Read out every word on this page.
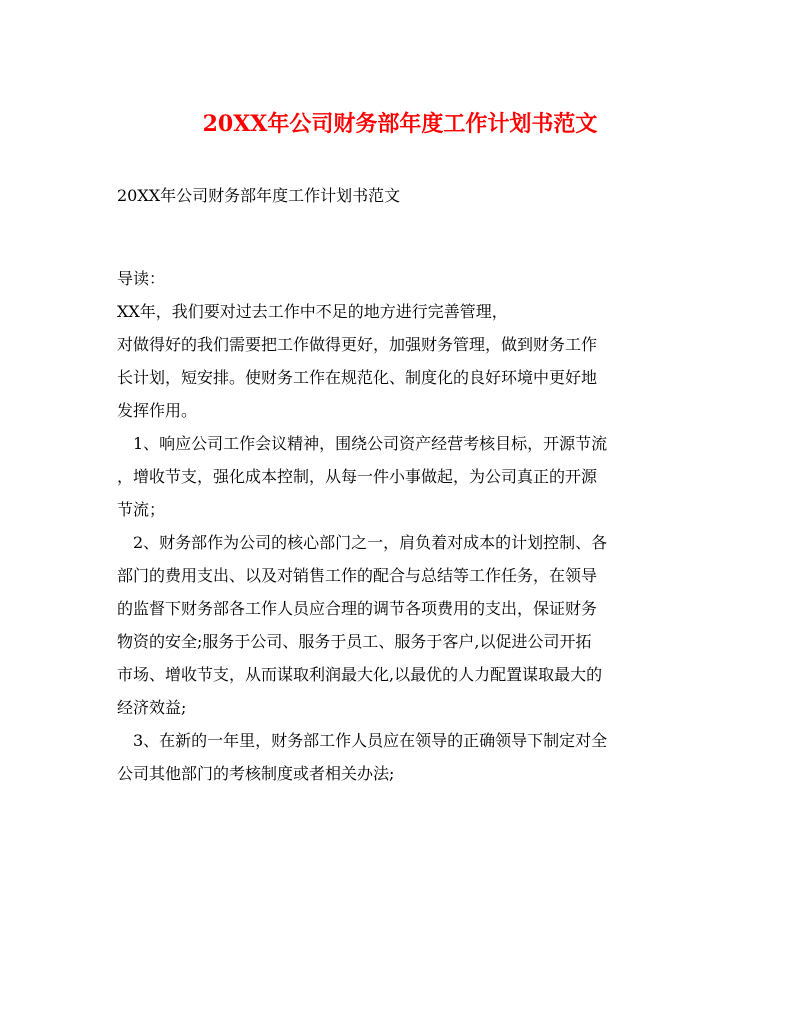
20XX年公司财务部年度工作计划书范文
20XX年公司财务部年度工作计划书范文

导读：

XX年，我们要对过去工作中不足的地方进行完善管理，

对做得好的我们需要把工作做得更好，加强财务管理，做到财务工作
长计划，短安排。使财务工作在规范化、制度化的良好环境中更好地
发挥作用。

1、响应公司工作会议精神，围绕公司资产经营考核目标，开源节流
，增收节支，强化成本控制，从每一件小事做起，为公司真正的开源
节流；

2、财务部作为公司的核心部门之一，肩负着对成本的计划控制、各
部门的费用支出、以及对销售工作的配合与总结等工作任务，在领导
的监督下财务部各工作人员应合理的调节各项费用的支出，保证财务
物资的安全;服务于公司、服务于员工、服务于客户,以促进公司开拓
市场、增收节支，从而谋取利润最大化,以最优的人力配置谋取最大的
经济效益;

3、在新的一年里，财务部工作人员应在领导的正确领导下制定对全
公司其他部门的考核制度或者相关办法;
